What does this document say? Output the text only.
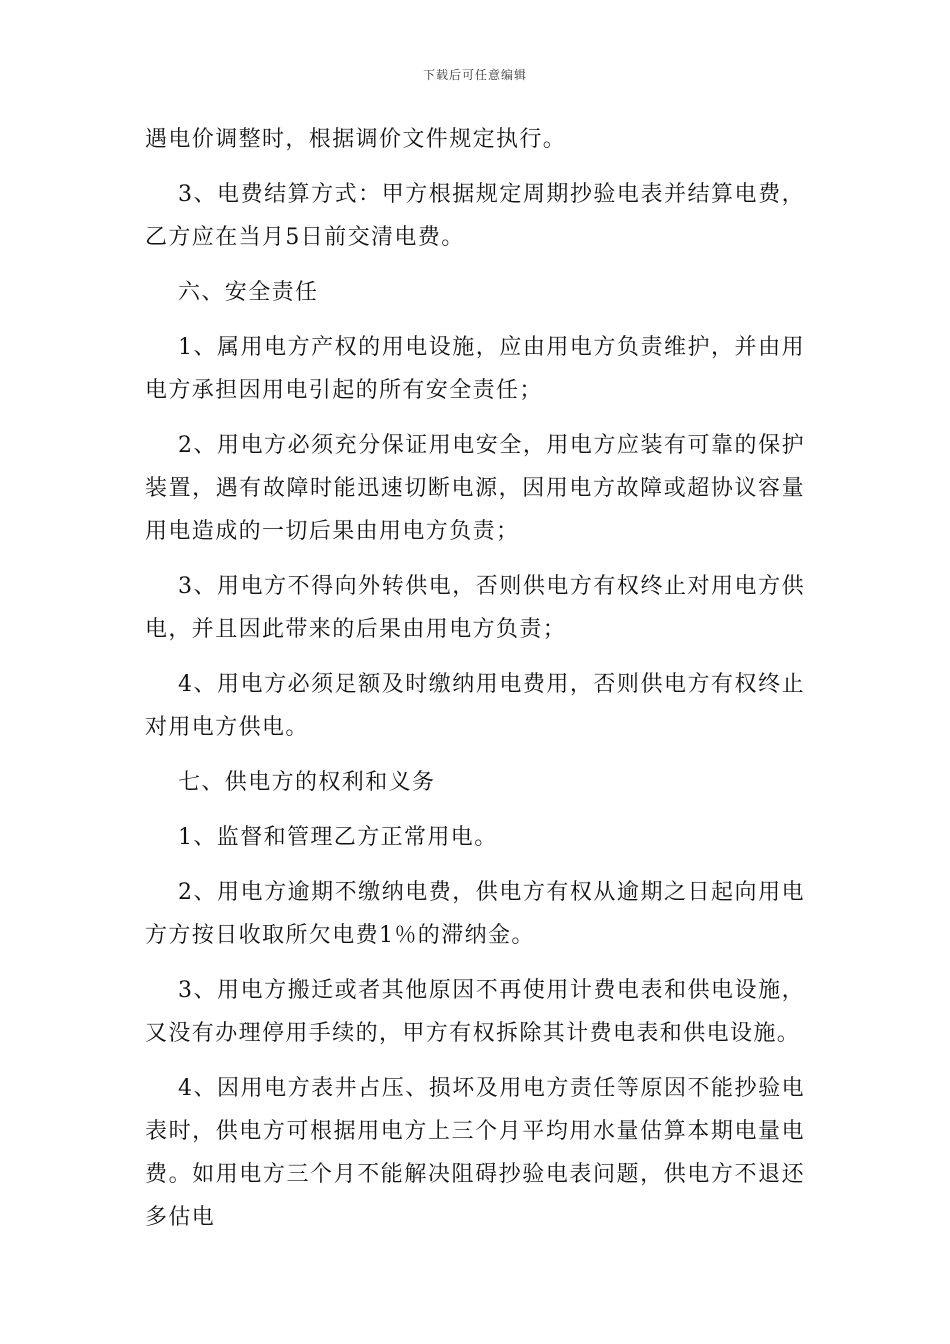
下载后可任意编辑

遇电价调整时，根据调价文件规定执行。

3、电费结算方式：甲方根据规定周期抄验电表并结算电费，乙方应在当月5日前交清电费。

六、安全责任

1、属用电方产权的用电设施，应由用电方负责维护，并由用电方承担因用电引起的所有安全责任；

2、用电方必须充分保证用电安全，用电方应装有可靠的保护装置，遇有故障时能迅速切断电源，因用电方故障或超协议容量用电造成的一切后果由用电方负责；

3、用电方不得向外转供电，否则供电方有权终止对用电方供电，并且因此带来的后果由用电方负责；

4、用电方必须足额及时缴纳用电费用，否则供电方有权终止对用电方供电。

七、供电方的权利和义务

1、监督和管理乙方正常用电。

2、用电方逾期不缴纳电费，供电方有权从逾期之日起向用电方方按日收取所欠电费1％的滞纳金。

3、用电方搬迁或者其他原因不再使用计费电表和供电设施，又没有办理停用手续的，甲方有权拆除其计费电表和供电设施。

4、因用电方表井占压、损坏及用电方责任等原因不能抄验电表时，供电方可根据用电方上三个月平均用水量估算本期电量电费。如用电方三个月不能解决阻碍抄验电表问题，供电方不退还多估电
